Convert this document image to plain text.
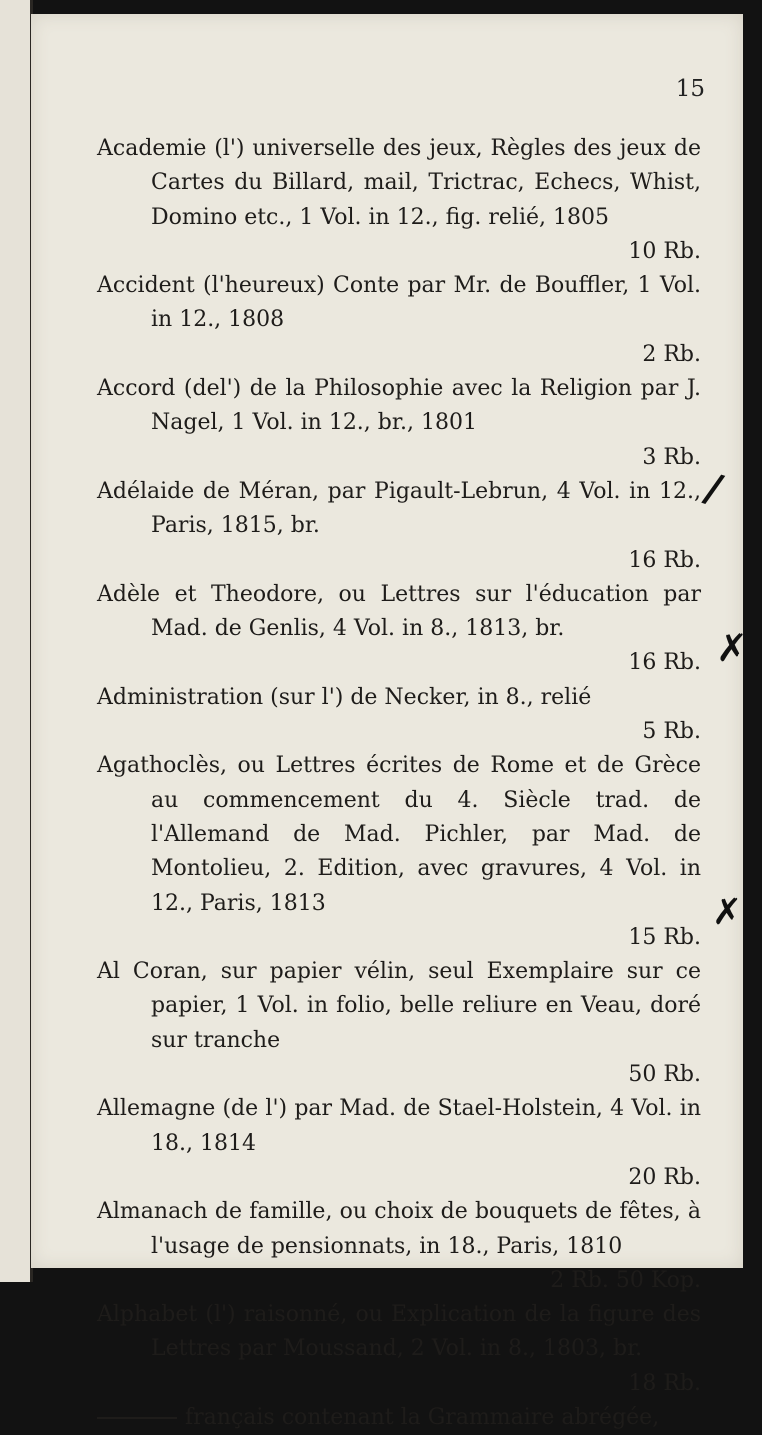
15
Academie (l') universelle des jeux, Règles des jeux de Cartes du Billard, mail, Trictrac, Echecs, Whist, Domino etc., 1 Vol. in 12., fig. relié, 1805
10 Rb.
Accident (l'heureux) Conte par Mr. de Bouffler, 1 Vol. in 12., 1808
2 Rb.
Accord (del') de la Philosophie avec la Religion par J. Nagel, 1 Vol. in 12., br., 1801
3 Rb.
Adélaide de Méran, par Pigault-Lebrun, 4 Vol. in 12., Paris, 1815, br.
16 Rb.
Adèle et Theodore, ou Lettres sur l'éducation par Mad. de Genlis, 4 Vol. in 8., 1813, br.
16 Rb.
Administration (sur l') de Necker, in 8., relié
5 Rb.
Agathoclès, ou Lettres écrites de Rome et de Grèce au commencement du 4. Siècle trad. de l'Allemand de Mad. Pichler, par Mad. de Montolieu, 2. Edition, avec gravures, 4 Vol. in 12., Paris, 1813
15 Rb.
Al Coran, sur papier vélin, seul Exemplaire sur ce papier, 1 Vol. in folio, belle reliure en Veau, doré sur tranche
50 Rb.
Allemagne (de l') par Mad. de Stael-Holstein, 4 Vol. in 18., 1814
20 Rb.
Almanach de famille, ou choix de bouquets de fêtes, à l'usage de pensionnats, in 18., Paris, 1810
2 Rb. 50 Kop.
Alphabet (l') raisonné, ou Explication de la figure des Lettres par Moussand, 2 Vol. in 8., 1803, br.
18 Rb.
français contenant la Grammaire abrégée,
/
✗
✗
